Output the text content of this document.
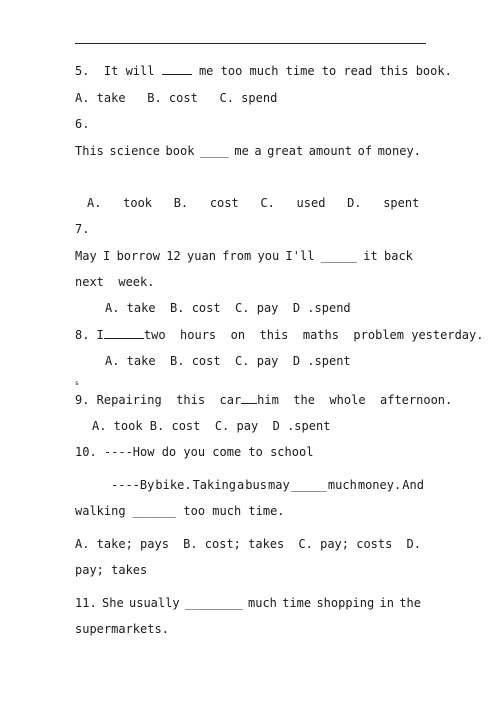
5. It will	me too much time to read this book.
A. take   B. cost   C. spend
6.
This science book ____ me a great amount of money.
A.   took   B.   cost   C.   used   D.   spent
7.
May I borrow 12 yuan from you I'll _____ it back
next  week.
A. take  B. cost  C. pay  D .spend
8. I	two  hours  on  this  maths  problem yesterday.
A. take  B. cost  C. pay  D .spent
s
9. Repairing  this  car him  the  whole  afternoon.
A. took B. cost  C. pay  D .spent
10. ----How do you come to school
----By bike. Taking a bus may _____ much money. And
walking ______ too much time.
A. take; pays B. cost; takes C. pay; costs D.
pay; takes
11. She usually ________ much time shopping in the
supermarkets.
